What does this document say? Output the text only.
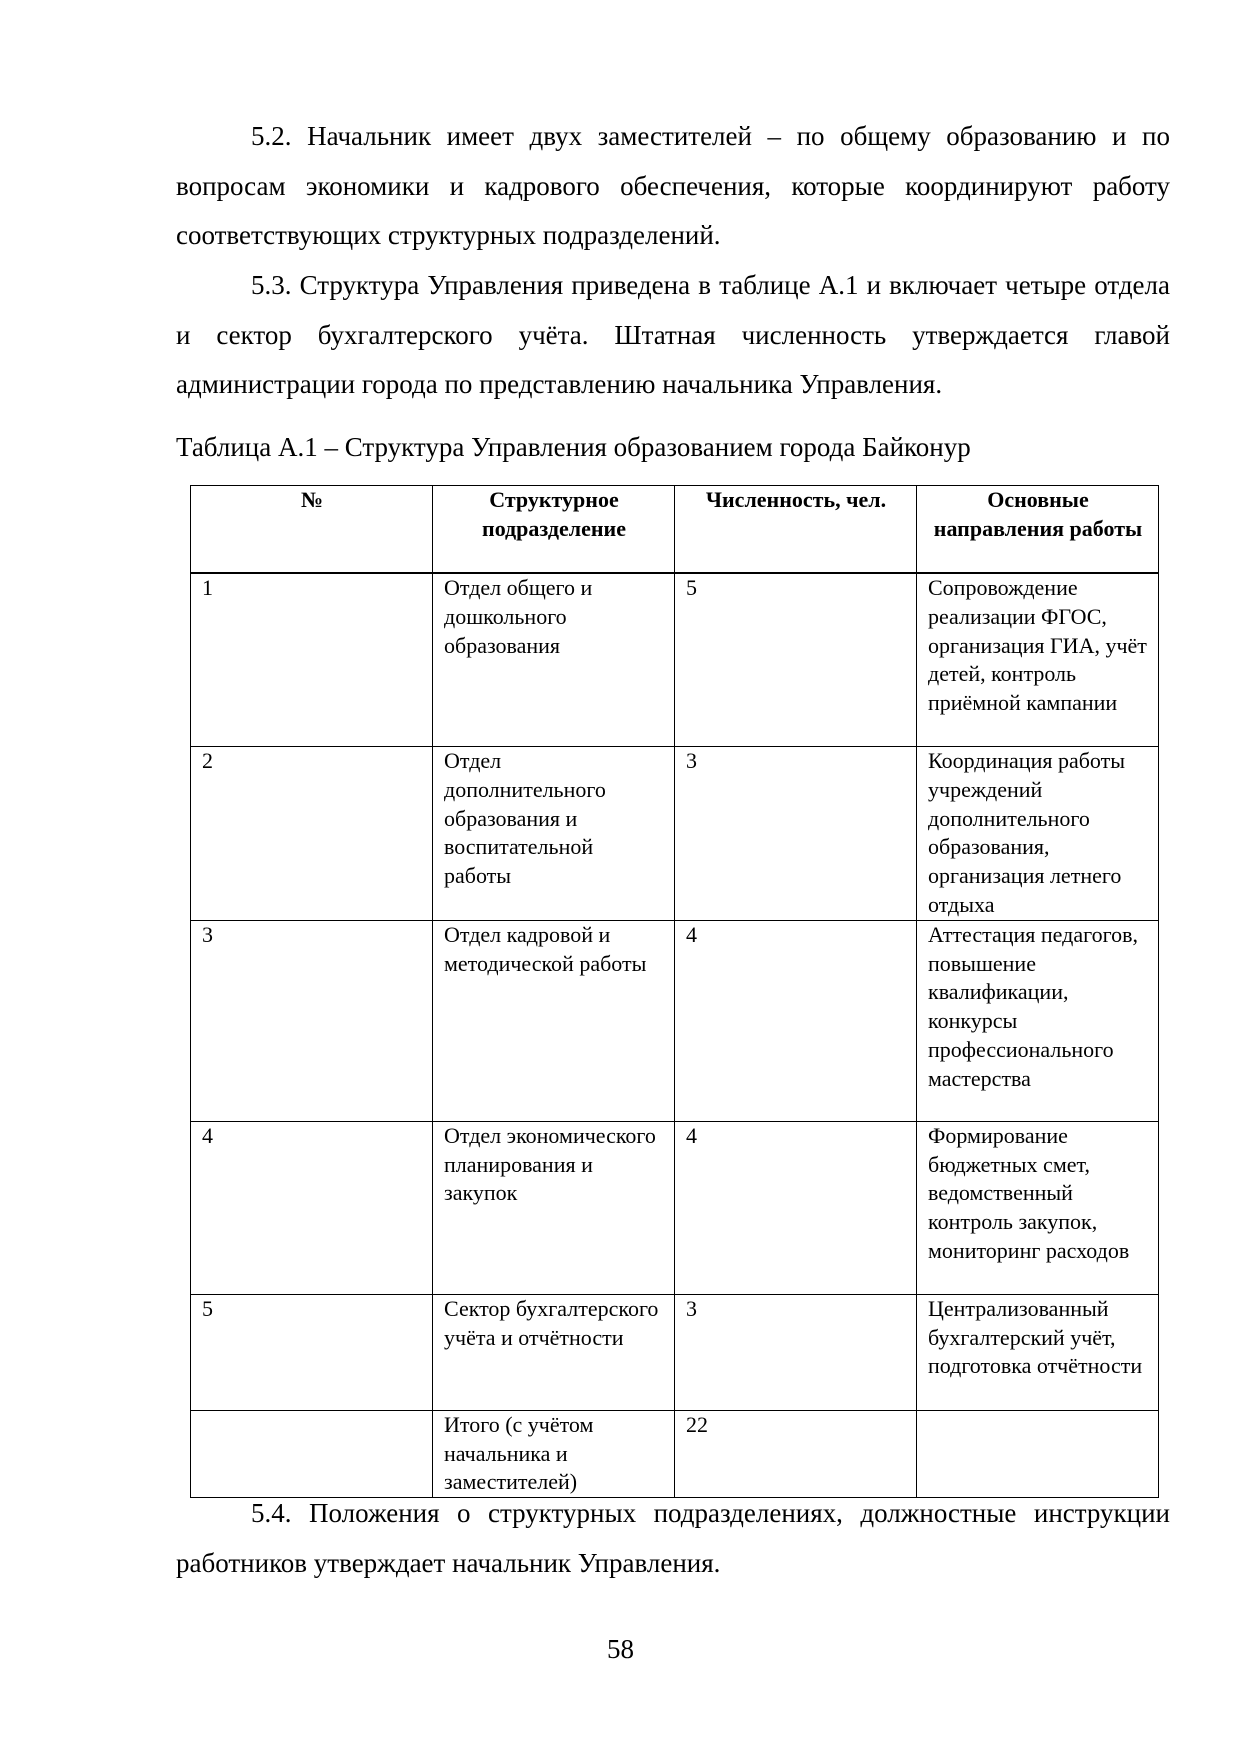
5.2. Начальник имеет двух заместителей – по общему образованию и по вопросам экономики и кадрового обеспечения, которые координируют работу соответствующих структурных подразделений.

5.3. Структура Управления приведена в таблице А.1 и включает четыре отдела и сектор бухгалтерского учёта. Штатная численность утверждается главой администрации города по представлению начальника Управления.

Таблица А.1 – Структура Управления образованием города Байконур

№	Структурное подразделение	Численность, чел.	Основные направления работы
1	Отдел общего и дошкольного образования	5	Сопровождение реализации ФГОС, организация ГИА, учёт детей, контроль приёмной кампании
2	Отдел дополнительного образования и воспитательной работы	3	Координация работы учреждений дополнительного образования, организация летнего отдыха
3	Отдел кадровой и методической работы	4	Аттестация педагогов, повышение квалификации, конкурсы профессионального мастерства
4	Отдел экономического планирования и закупок	4	Формирование бюджетных смет, ведомственный контроль закупок, мониторинг расходов
5	Сектор бухгалтерского учёта и отчётности	3	Централизованный бухгалтерский учёт, подготовка отчётности
	Итого (с учётом начальника и заместителей)	22	

5.4. Положения о структурных подразделениях, должностные инструкции работников утверждает начальник Управления.

58
